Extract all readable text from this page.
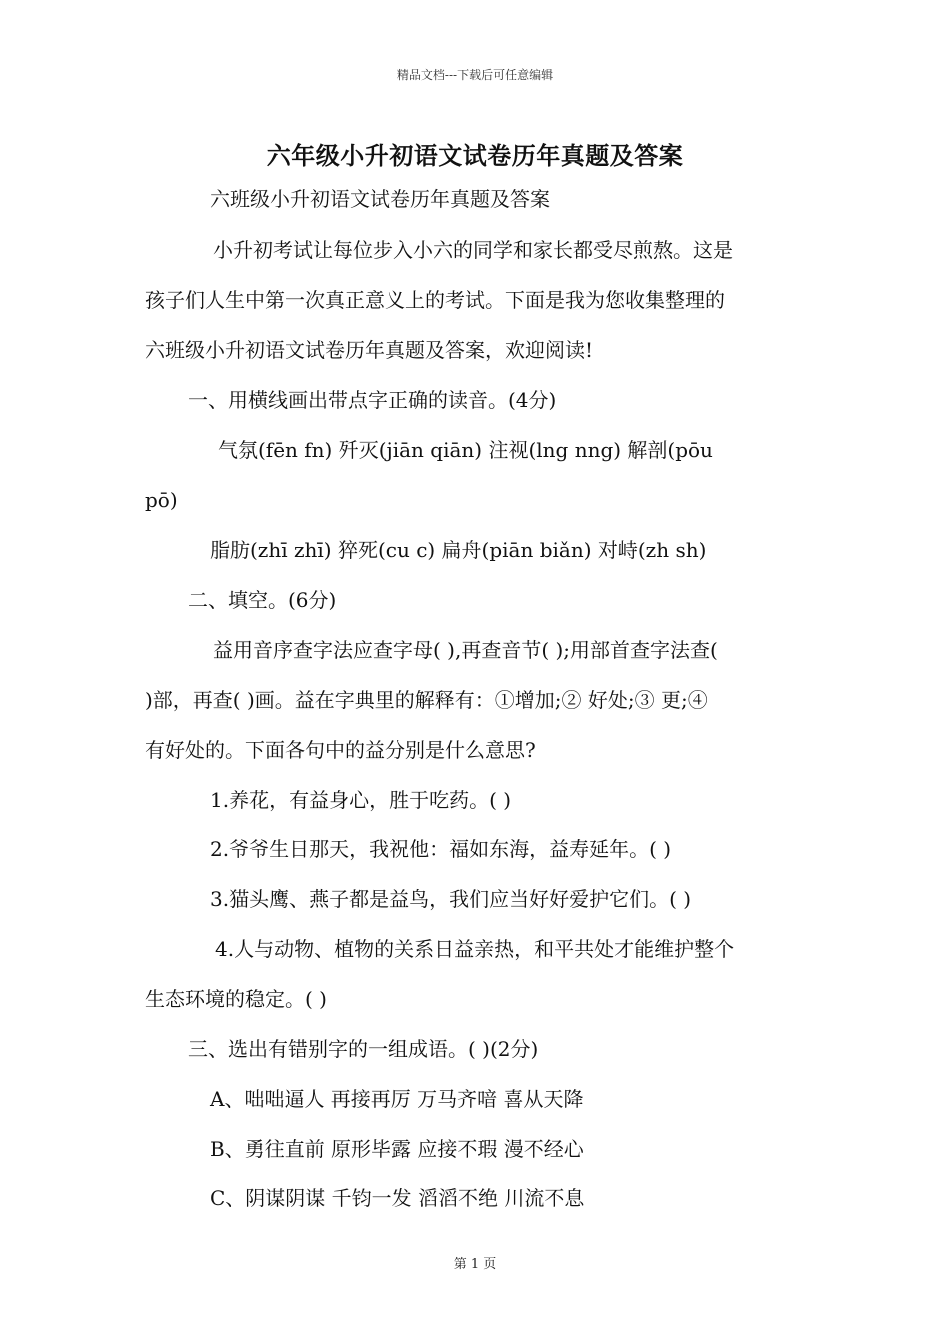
精品文档---下载后可任意编辑
六年级小升初语文试卷历年真题及答案
六班级小升初语文试卷历年真题及答案
小升初考试让每位步入小六的同学和家长都受尽煎熬。这是
孩子们人生中第一次真正意义上的考试。下面是我为您收集整理的
六班级小升初语文试卷历年真题及答案，欢迎阅读!
一、用横线画出带点字正确的读音。(4分)
气氛(fēn fn) 歼灭(jiān qiān) 注视(lng nng) 解剖(pōu
pō)
脂肪(zhī zhī) 猝死(cu c) 扁舟(piān biǎn) 对峙(zh sh)
二、填空。(6分)
益用音序查字法应查字母( ),再查音节( );用部首查字法查(
)部，再查( )画。益在字典里的解释有：①增加;② 好处;③ 更;④
有好处的。下面各句中的益分别是什么意思?
1.养花，有益身心，胜于吃药。( )
2.爷爷生日那天，我祝他：福如东海，益寿延年。( )
3.猫头鹰、燕子都是益鸟，我们应当好好爱护它们。( )
4.人与动物、植物的关系日益亲热，和平共处才能维护整个
生态环境的稳定。( )
三、选出有错别字的一组成语。( )(2分)
A、咄咄逼人 再接再厉 万马齐喑 喜从天降
B、勇往直前 原形毕露 应接不瑕 漫不经心
C、阴谋阴谋 千钧一发 滔滔不绝 川流不息
第 1 页
